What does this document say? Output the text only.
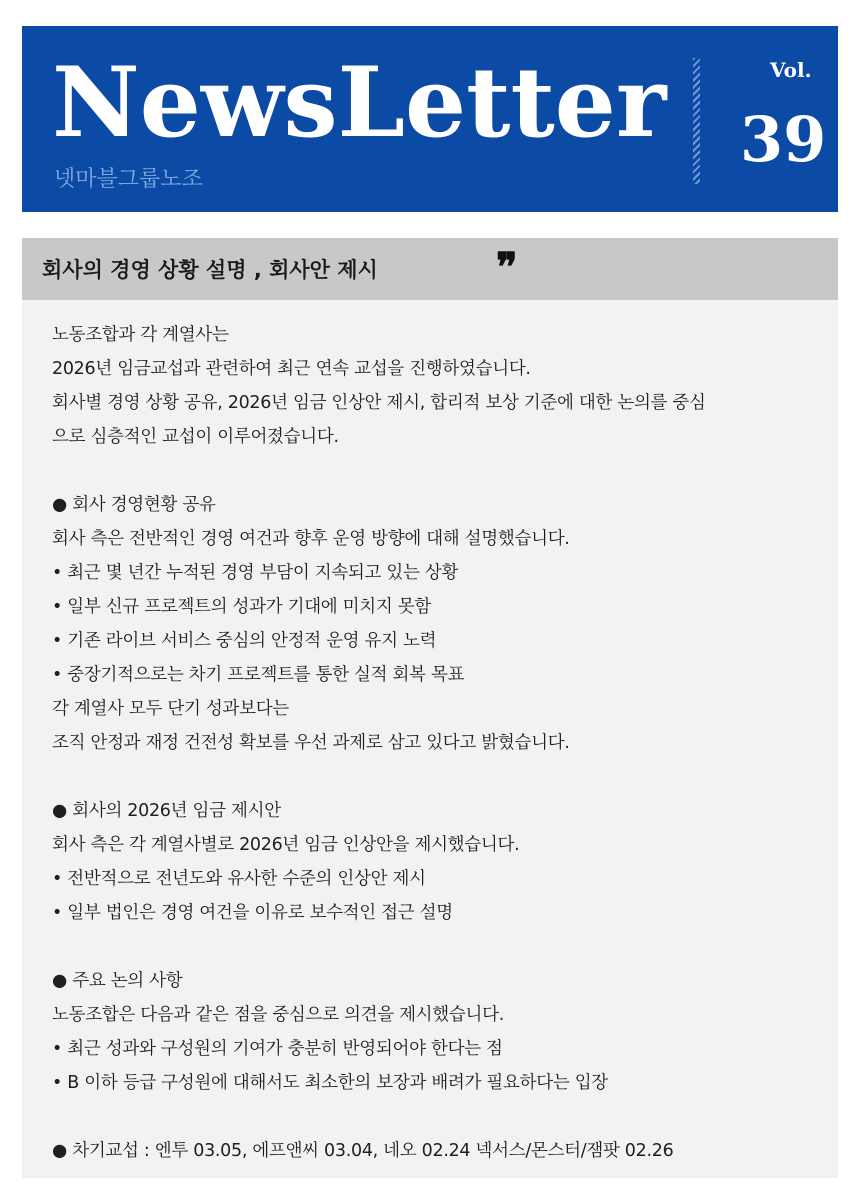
NewsLetter
넷마블그룹노조
Vol.
39
회사의 경영 상황 설명 , 회사안 제시	❞
노동조합과 각 계열사는
2026년 임금교섭과 관련하여 최근 연속 교섭을 진행하였습니다.
회사별 경영 상황 공유, 2026년 임금 인상안 제시, 합리적 보상 기준에 대한 논의를 중심
으로 심층적인 교섭이 이루어졌습니다.
● 회사 경영현황 공유
회사 측은 전반적인 경영 여건과 향후 운영 방향에 대해 설명했습니다.
• 최근 몇 년간 누적된 경영 부담이 지속되고 있는 상황
• 일부 신규 프로젝트의 성과가 기대에 미치지 못함
• 기존 라이브 서비스 중심의 안정적 운영 유지 노력
• 중장기적으로는 차기 프로젝트를 통한 실적 회복 목표
각 계열사 모두 단기 성과보다는
조직 안정과 재정 건전성 확보를 우선 과제로 삼고 있다고 밝혔습니다.
● 회사의 2026년 임금 제시안
회사 측은 각 계열사별로 2026년 임금 인상안을 제시했습니다.
• 전반적으로 전년도와 유사한 수준의 인상안 제시
• 일부 법인은 경영 여건을 이유로 보수적인 접근 설명
● 주요 논의 사항
노동조합은 다음과 같은 점을 중심으로 의견을 제시했습니다.
• 최근 성과와 구성원의 기여가 충분히 반영되어야 한다는 점
• B 이하 등급 구성원에 대해서도 최소한의 보장과 배려가 필요하다는 입장
● 차기교섭 : 엔투 03.05, 에프앤씨 03.04, 네오 02.24 넥서스/몬스터/잼팟 02.26
